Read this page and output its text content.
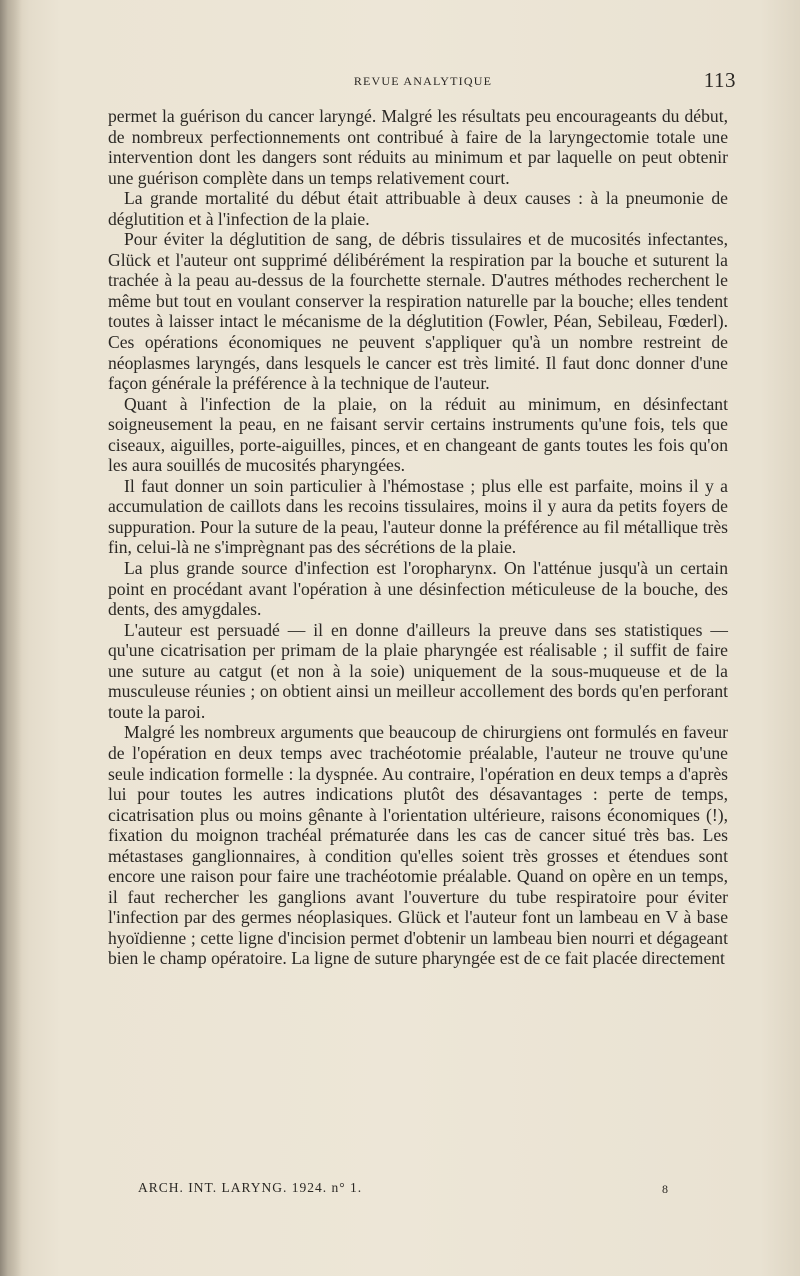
REVUE ANALYTIQUE	113

permet la guérison du cancer laryngé. Malgré les résultats peu encourageants du début, de nombreux perfectionnements ont contribué à faire de la laryngectomie totale une intervention dont les dangers sont réduits au minimum et par laquelle on peut obtenir une guérison complète dans un temps relativement court.

La grande mortalité du début était attribuable à deux causes : à la pneumonie de déglutition et à l'infection de la plaie.

Pour éviter la déglutition de sang, de débris tissulaires et de mucosités infectantes, Glück et l'auteur ont supprimé délibérément la respiration par la bouche et suturent la trachée à la peau au-dessus de la fourchette sternale. D'autres méthodes recherchent le même but tout en voulant conserver la respiration naturelle par la bouche; elles tendent toutes à laisser intact le mécanisme de la déglutition (Fowler, Péan, Sebileau, Fœderl). Ces opérations économiques ne peuvent s'appliquer qu'à un nombre restreint de néoplasmes laryngés, dans lesquels le cancer est très limité. Il faut donc donner d'une façon générale la préférence à la technique de l'auteur.

Quant à l'infection de la plaie, on la réduit au minimum, en désinfectant soigneusement la peau, en ne faisant servir certains instruments qu'une fois, tels que ciseaux, aiguilles, porte-aiguilles, pinces, et en changeant de gants toutes les fois qu'on les aura souillés de mucosités pharyngées.

Il faut donner un soin particulier à l'hémostase ; plus elle est parfaite, moins il y a accumulation de caillots dans les recoins tissulaires, moins il y aura da petits foyers de suppuration. Pour la suture de la peau, l'auteur donne la préférence au fil métallique très fin, celui-là ne s'imprègnant pas des sécrétions de la plaie.

La plus grande source d'infection est l'oropharynx. On l'atténue jusqu'à un certain point en procédant avant l'opération à une désinfection méticuleuse de la bouche, des dents, des amygdales.

L'auteur est persuadé — il en donne d'ailleurs la preuve dans ses statistiques — qu'une cicatrisation per primam de la plaie pharyngée est réalisable ; il suffit de faire une suture au catgut (et non à la soie) uniquement de la sous-muqueuse et de la musculeuse réunies ; on obtient ainsi un meilleur accollement des bords qu'en perforant toute la paroi.

Malgré les nombreux arguments que beaucoup de chirurgiens ont formulés en faveur de l'opération en deux temps avec trachéotomie préalable, l'auteur ne trouve qu'une seule indication formelle : la dyspnée. Au contraire, l'opération en deux temps a d'après lui pour toutes les autres indications plutôt des désavantages : perte de temps, cicatrisation plus ou moins gênante à l'orientation ultérieure, raisons économiques (!), fixation du moignon trachéal prématurée dans les cas de cancer situé très bas. Les métastases ganglionnaires, à condition qu'elles soient très grosses et étendues sont encore une raison pour faire une trachéotomie préalable. Quand on opère en un temps, il faut rechercher les ganglions avant l'ouverture du tube respiratoire pour éviter l'infection par des germes néoplasiques. Glück et l'auteur font un lambeau en V à base hyoïdienne ; cette ligne d'incision permet d'obtenir un lambeau bien nourri et dégageant bien le champ opératoire. La ligne de suture pharyngée est de ce fait placée directement

ARCH. INT. LARYNG. 1924. n° 1.	8
